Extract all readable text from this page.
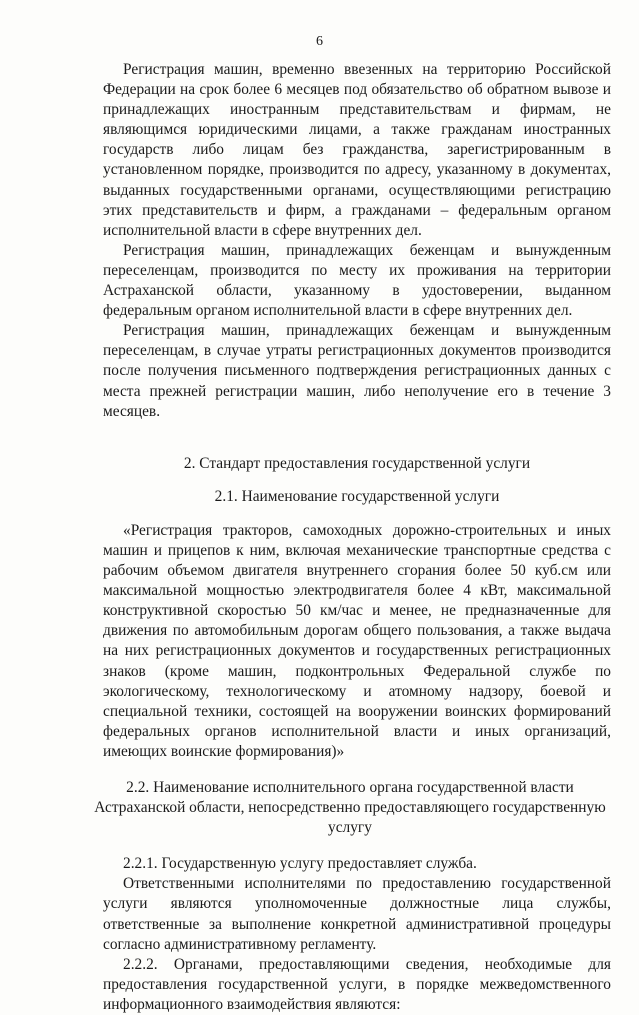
6

Регистрация машин, временно ввезенных на территорию Российской Федерации на срок более 6 месяцев под обязательство об обратном вывозе и принадлежащих иностранным представительствам и фирмам, не являющимся юридическими лицами, а также гражданам иностранных государств либо лицам без гражданства, зарегистрированным в установленном порядке, производится по адресу, указанному в документах, выданных государственными органами, осуществляющими регистрацию этих представительств и фирм, а гражданами – федеральным органом исполнительной власти в сфере внутренних дел.

Регистрация машин, принадлежащих беженцам и вынужденным переселенцам, производится по месту их проживания на территории Астраханской области, указанному в удостоверении, выданном федеральным органом исполнительной власти в сфере внутренних дел.

Регистрация машин, принадлежащих беженцам и вынужденным переселенцам, в случае утраты регистрационных документов производится после получения письменного подтверждения регистрационных данных с места прежней регистрации машин, либо неполучение его в течение 3 месяцев.

2. Стандарт предоставления государственной услуги

2.1. Наименование государственной услуги

«Регистрация тракторов, самоходных дорожно-строительных и иных машин и прицепов к ним, включая механические транспортные средства с рабочим объемом двигателя внутреннего сгорания более 50 куб.см или максимальной мощностью электродвигателя более 4 кВт, максимальной конструктивной скоростью 50 км/час и менее, не предназначенные для движения по автомобильным дорогам общего пользования, а также выдача на них регистрационных документов и государственных регистрационных знаков (кроме машин, подконтрольных Федеральной службе по экологическому, технологическому и атомному надзору, боевой и специальной техники, состоящей на вооружении воинских формирований федеральных органов исполнительной власти и иных организаций, имеющих воинские формирования)»

2.2. Наименование исполнительного органа государственной власти Астраханской области, непосредственно предоставляющего государственную услугу

2.2.1. Государственную услугу предоставляет служба.

Ответственными исполнителями по предоставлению государственной услуги являются уполномоченные должностные лица службы, ответственные за выполнение конкретной административной процедуры согласно административному регламенту.

2.2.2. Органами, предоставляющими сведения, необходимые для предоставления государственной услуги, в порядке межведомственного информационного взаимодействия являются:
